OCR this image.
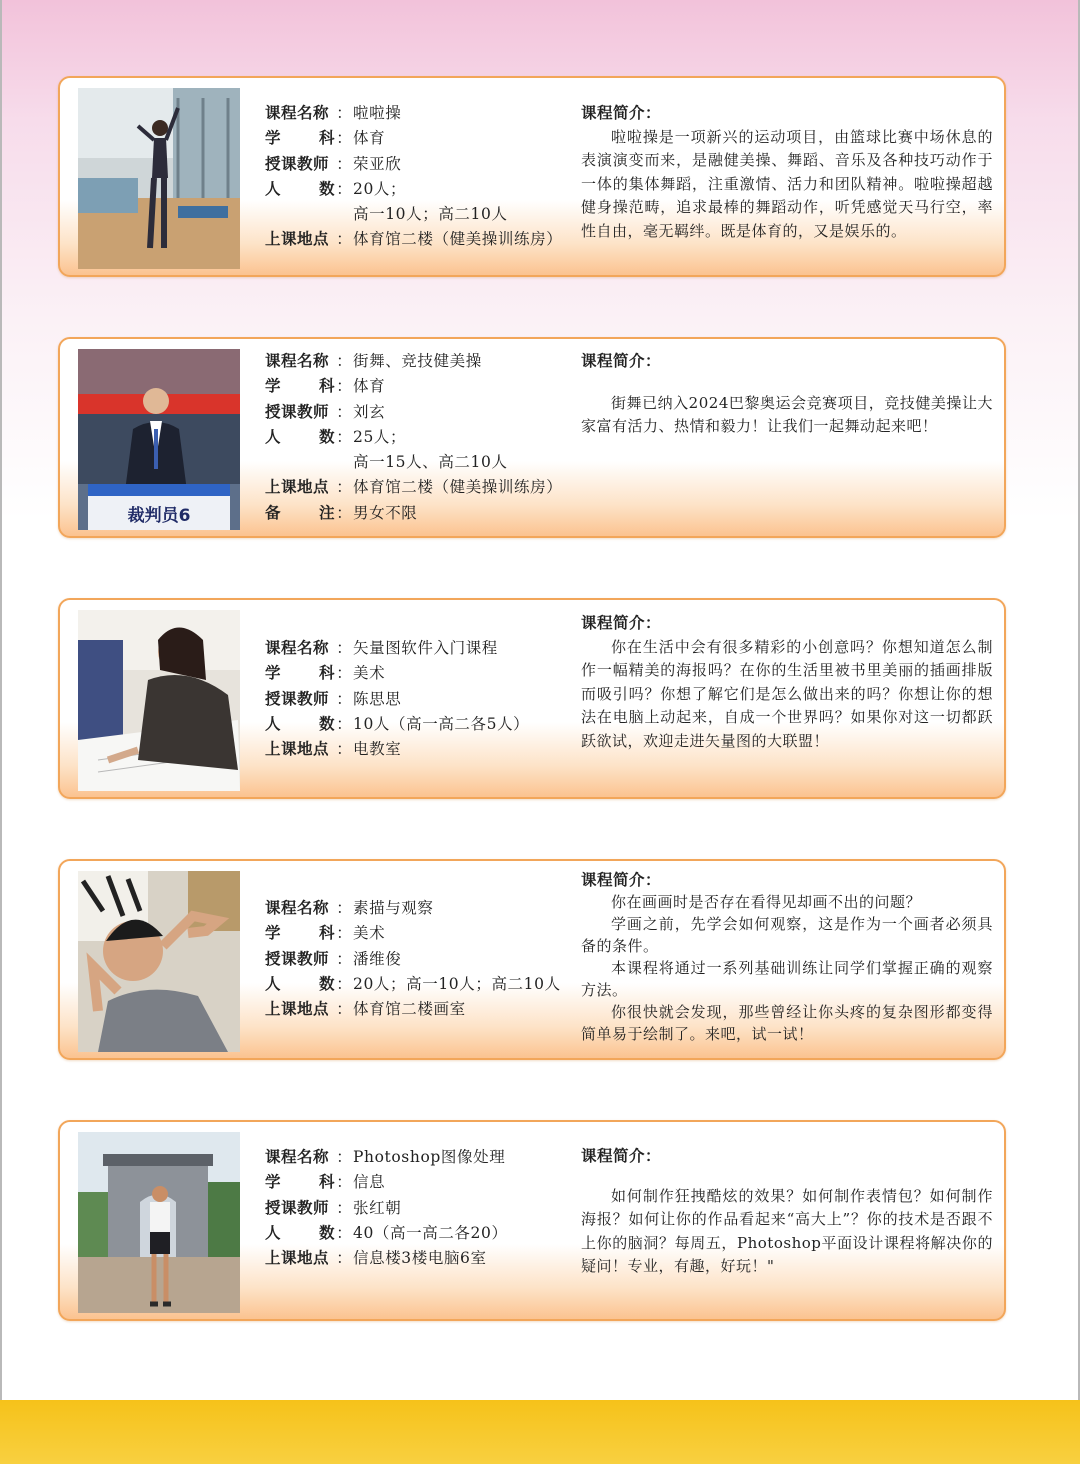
课程名称 ： 啦啦操
学 科 ： 体育
授课教师 ： 荣亚欣
人 数 ： 20人；
高一10人；高二10人
上课地点 ： 体育馆二楼（健美操训练房）
课程简介：

啦啦操是一项新兴的运动项目，由篮球比赛中场休息的表演演变而来，是融健美操、舞蹈、音乐及各种技巧动作于一体的集体舞蹈，注重激情、活力和团队精神。啦啦操超越健身操范畴，追求最棒的舞蹈动作，听凭感觉天马行空，率性自由，毫无羁绊。既是体育的，又是娱乐的。

裁判员6
课程名称 ： 街舞、竞技健美操
学 科 ： 体育
授课教师 ： 刘玄
人 数 ： 25人；
高一15人、高二10人
上课地点 ： 体育馆二楼（健美操训练房）
备 注 ： 男女不限
课程简介：

街舞已纳入2024巴黎奥运会竞赛项目，竞技健美操让大家富有活力、热情和毅力！让我们一起舞动起来吧！

课程名称 ： 矢量图软件入门课程
学 科 ： 美术
授课教师 ： 陈思思
人 数 ： 10人（高一高二各5人）
上课地点 ： 电教室
课程简介：

你在生活中会有很多精彩的小创意吗？你想知道怎么制作一幅精美的海报吗？在你的生活里被书里美丽的插画排版而吸引吗？你想了解它们是怎么做出来的吗？你想让你的想法在电脑上动起来，自成一个世界吗？如果你对这一切都跃跃欲试，欢迎走进矢量图的大联盟！

课程名称 ： 素描与观察
学 科 ： 美术
授课教师 ： 潘维俊
人 数 ： 20人；高一10人；高二10人
上课地点 ： 体育馆二楼画室
课程简介：

你在画画时是否存在看得见却画不出的问题？

学画之前，先学会如何观察，这是作为一个画者必须具备的条件。

本课程将通过一系列基础训练让同学们掌握正确的观察方法。

你很快就会发现，那些曾经让你头疼的复杂图形都变得简单易于绘制了。来吧，试一试！

课程名称 ： Photoshop图像处理
学 科 ： 信息
授课教师 ： 张红朝
人 数 ： 40（高一高二各20）
上课地点 ： 信息楼3楼电脑6室
课程简介：

如何制作狂拽酷炫的效果？如何制作表情包？如何制作海报？如何让你的作品看起来“高大上”？你的技术是否跟不上你的脑洞？每周五，Photoshop平面设计课程将解决你的疑问！专业，有趣，好玩！"
